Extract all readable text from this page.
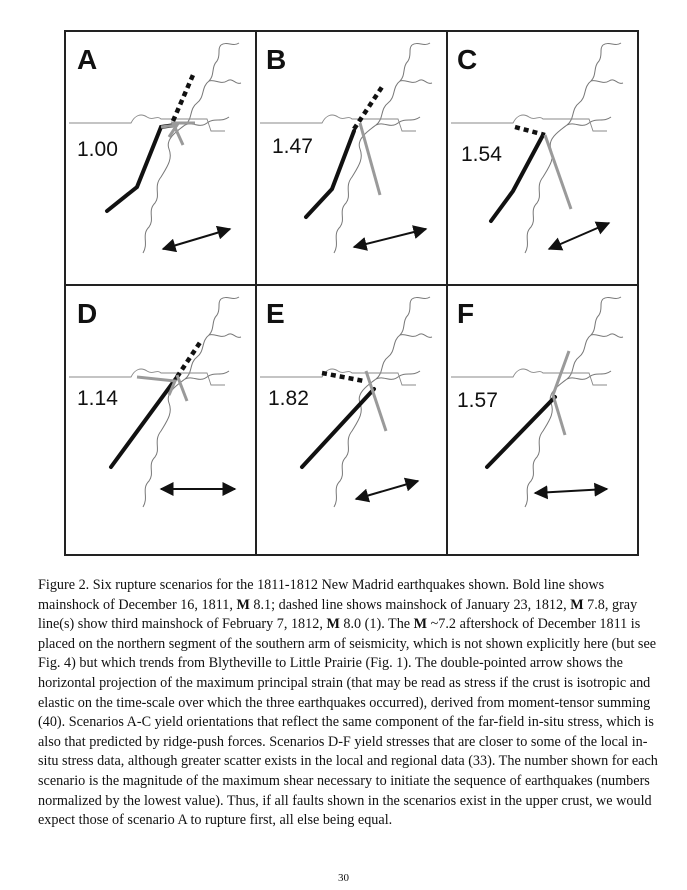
A
1.00
B
1.47
C
1.54
D
1.14
E
1.82
F
1.57
Figure 2. Six rupture scenarios for the 1811-1812 New Madrid earthquakes shown. Bold line shows mainshock of December 16, 1811, M 8.1; dashed line shows mainshock of January 23, 1812, M 7.8, gray line(s) show third mainshock of February 7, 1812, M 8.0 (1). The M ~7.2 aftershock of December 1811 is placed on the northern segment of the southern arm of seismicity, which is not shown explicitly here (but see Fig. 4) but which trends from Blytheville to Little Prairie (Fig. 1). The double-pointed arrow shows the horizontal projection of the maximum principal strain (that may be read as stress if the crust is isotropic and elastic on the time-scale over which the three earthquakes occurred), derived from moment-tensor summing (40). Scenarios A-C yield orientations that reflect the same component of the far-field in-situ stress, which is also that predicted by ridge-push forces. Scenarios D-F yield stresses that are closer to some of the local in-situ stress data, although greater scatter exists in the local and regional data (33). The number shown for each scenario is the magnitude of the maximum shear necessary to initiate the sequence of earthquakes (numbers normalized by the lowest value). Thus, if all faults shown in the scenarios exist in the upper crust, we would expect those of scenario A to rupture first, all else being equal.
30
